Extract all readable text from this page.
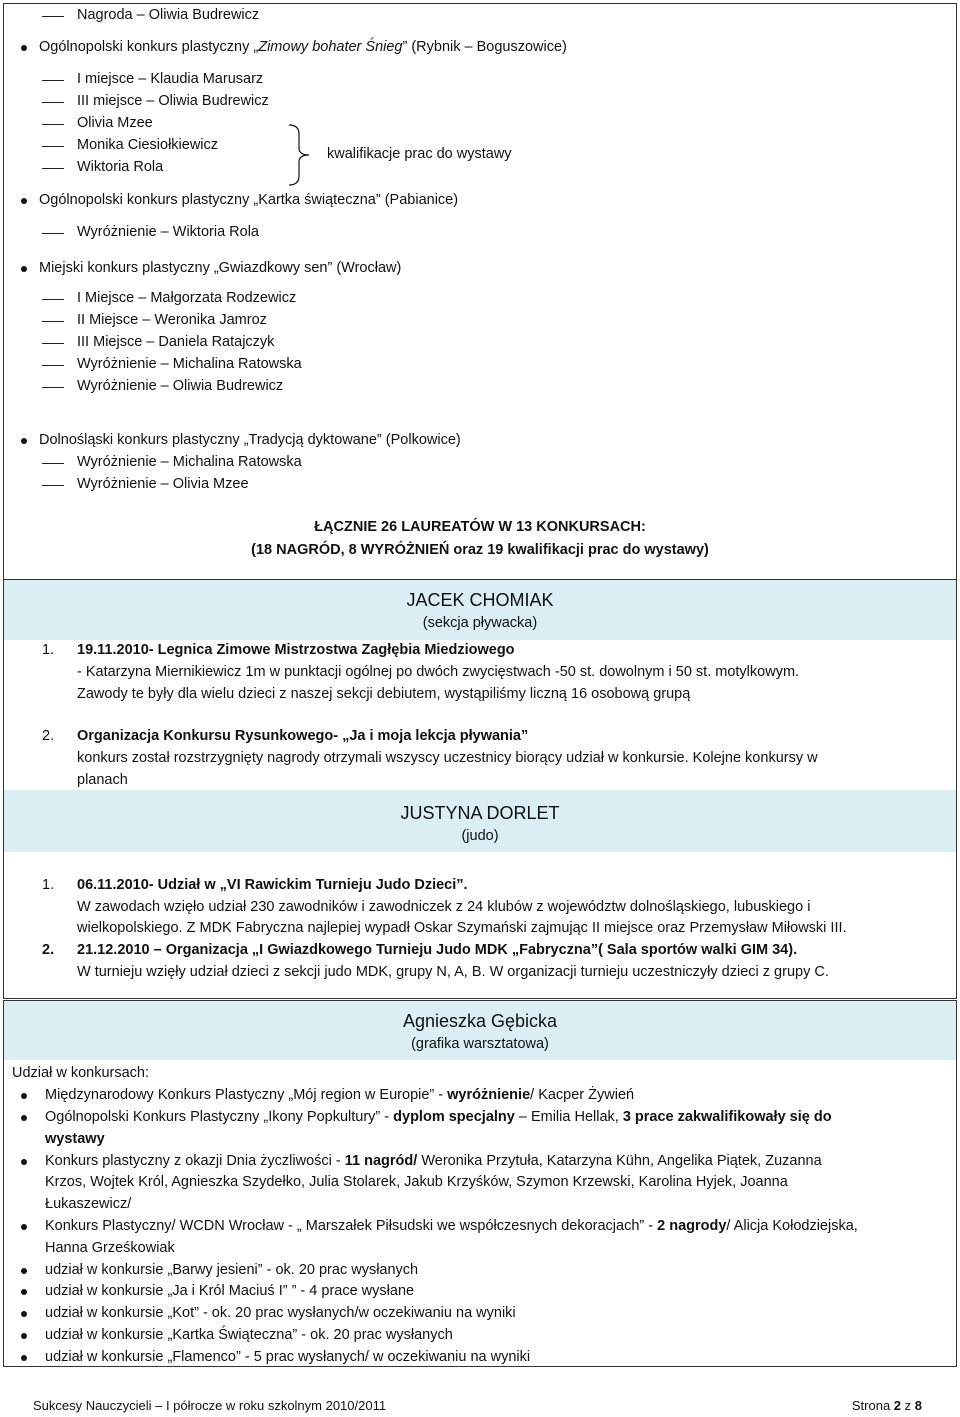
Nagroda – Oliwia Budrewicz
Ogólnopolski konkurs plastyczny „Zimowy bohater Śnieg” (Rybnik – Boguszowice)
I miejsce – Klaudia Marusarz
III miejsce – Oliwia Budrewicz
Olivia Mzee
Monika Ciesiołkiewicz
Wiktoria Rola
kwalifikacje prac do wystawy
Ogólnopolski konkurs plastyczny „Kartka świąteczna” (Pabianice)
Wyróżnienie – Wiktoria Rola
Miejski konkurs plastyczny „Gwiazdkowy sen” (Wrocław)
I Miejsce – Małgorzata Rodzewicz
II Miejsce – Weronika Jamroz
III Miejsce – Daniela Ratajczyk
Wyróżnienie – Michalina Ratowska
Wyróżnienie – Oliwia Budrewicz
Dolnośląski konkurs plastyczny „Tradycją dyktowane” (Polkowice)
Wyróżnienie – Michalina Ratowska
Wyróżnienie – Olivia Mzee
ŁĄCZNIE 26 LAUREATÓW W 13 KONKURSACH:
(18 NAGRÓD, 8 WYRÓŻNIEŃ oraz 19 kwalifikacji prac do wystawy)
JACEK CHOMIAK
(sekcja pływacka)
1. 19.11.2010- Legnica Zimowe Mistrzostwa Zagłębia Miedziowego
- Katarzyna Miernikiewicz 1m w punktacji ogólnej po dwóch zwycięstwach -50 st. dowolnym i 50 st. motylkowym.
Zawody te były dla wielu dzieci z naszej sekcji debiutem, wystąpiliśmy liczną 16 osobową grupą
2. Organizacja Konkursu Rysunkowego- „Ja i moja lekcja pływania”
konkurs został rozstrzygnięty nagrody otrzymali wszyscy uczestnicy biorący udział w konkursie. Kolejne konkursy w
planach
JUSTYNA DORLET
(judo)
1. 06.11.2010- Udział w „VI Rawickim Turnieju Judo Dzieci”.
W zawodach wzięło udział 230 zawodników i zawodniczek z 24 klubów z województw dolnośląskiego, lubuskiego i
wielkopolskiego. Z MDK Fabryczna najlepiej wypadł Oskar Szymański zajmując II miejsce oraz Przemysław Miłowski III.
2. 21.12.2010 – Organizacja „I Gwiazdkowego Turnieju Judo MDK „Fabryczna”( Sala sportów walki GIM 34).
W turnieju wzięły udział dzieci z sekcji judo MDK, grupy N, A, B. W organizacji turnieju uczestniczyły dzieci z grupy C.
Agnieszka Gębicka
(grafika warsztatowa)
Udział w konkursach:
Międzynarodowy Konkurs Plastyczny „Mój region w Europie” - wyróżnienie/ Kacper Żywień
Ogólnopolski Konkurs Plastyczny „Ikony Popkultury” - dyplom specjalny – Emilia Hellak, 3 prace zakwalifikowały się do
wystawy
Konkurs plastyczny z okazji Dnia życzliwości - 11 nagród/ Weronika Przytuła, Katarzyna Kühn, Angelika Piątek, Zuzanna
Krzos, Wojtek Król, Agnieszka Szydełko, Julia Stolarek, Jakub Krzyśków, Szymon Krzewski, Karolina Hyjek, Joanna
Łukaszewicz/
Konkurs Plastyczny/ WCDN Wrocław - „ Marszałek Piłsudski we współczesnych dekoracjach” - 2 nagrody/ Alicja Kołodziejska,
Hanna Grześkowiak
udział w konkursie „Barwy jesieni” - ok. 20 prac wysłanych
udział w konkursie „Ja i Król Maciuś I” ” - 4 prace wysłane
udział w konkursie „Kot” - ok. 20 prac wysłanych/w oczekiwaniu na wyniki
udział w konkursie „Kartka Świąteczna” - ok. 20 prac wysłanych
udział w konkursie „Flamenco” - 5 prac wysłanych/ w oczekiwaniu na wyniki
Sukcesy Nauczycieli – I półrocze w roku szkolnym 2010/2011	Strona 2 z 8
